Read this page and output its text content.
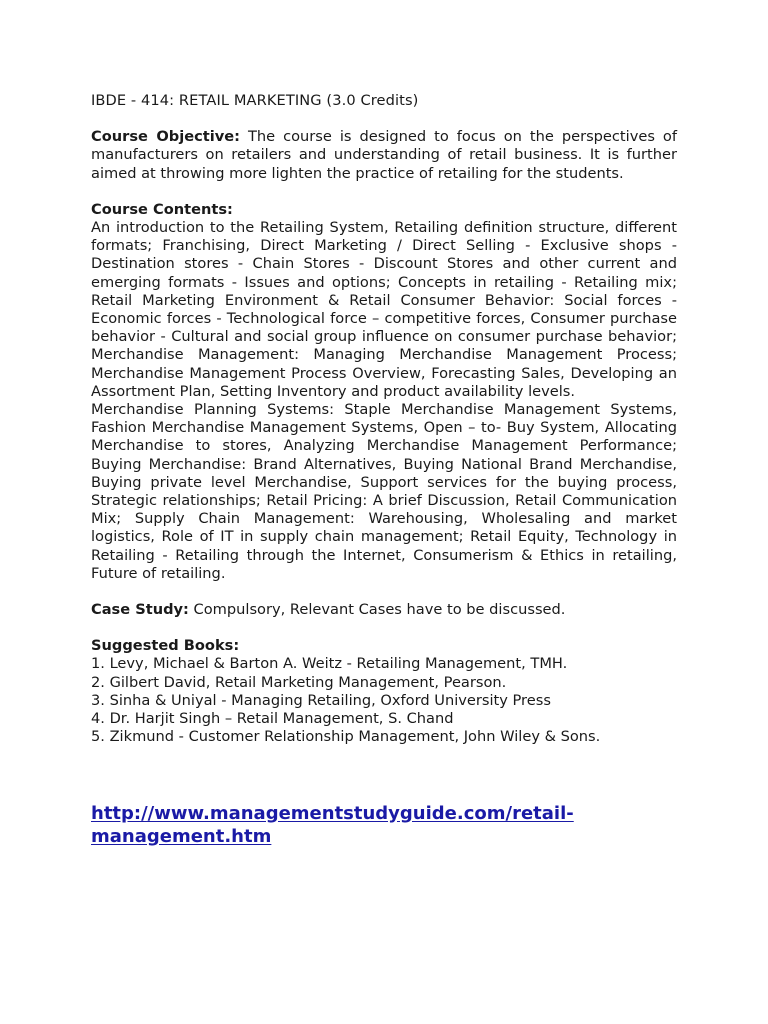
IBDE - 414: RETAIL MARKETING (3.0 Credits)

Course Objective: The course is designed to focus on the perspectives of manufacturers on retailers and understanding of retail business. It is further aimed at throwing more lighten the practice of retailing for the students.

Course Contents:

An introduction to the Retailing System, Retailing definition structure, different formats; Franchising, Direct Marketing / Direct Selling - Exclusive shops - Destination stores - Chain Stores - Discount Stores and other current and emerging formats - Issues and options; Concepts in retailing - Retailing mix; Retail Marketing Environment & Retail Consumer Behavior: Social forces - Economic forces - Technological force – competitive forces, Consumer purchase behavior - Cultural and social group influence on consumer purchase behavior; Merchandise Management: Managing Merchandise Management Process; Merchandise Management Process Overview, Forecasting Sales, Developing an Assortment Plan, Setting Inventory and product availability levels.

Merchandise Planning Systems: Staple Merchandise Management Systems, Fashion Merchandise Management Systems, Open – to- Buy System, Allocating Merchandise to stores, Analyzing Merchandise Management Performance; Buying Merchandise: Brand Alternatives, Buying National Brand Merchandise, Buying private level Merchandise, Support services for the buying process, Strategic relationships; Retail Pricing: A brief Discussion, Retail Communication Mix; Supply Chain Management: Warehousing, Wholesaling and market logistics, Role of IT in supply chain management; Retail Equity, Technology in Retailing - Retailing through the Internet, Consumerism & Ethics in retailing, Future of retailing.

Case Study: Compulsory, Relevant Cases have to be discussed.

Suggested Books:

1. Levy, Michael & Barton A. Weitz - Retailing Management, TMH.
2. Gilbert David, Retail Marketing Management, Pearson.
3. Sinha & Uniyal - Managing Retailing, Oxford University Press
4. Dr. Harjit Singh – Retail Management, S. Chand
5. Zikmund - Customer Relationship Management, John Wiley & Sons.
http://www.managementstudyguide.com/retail-management.htm
